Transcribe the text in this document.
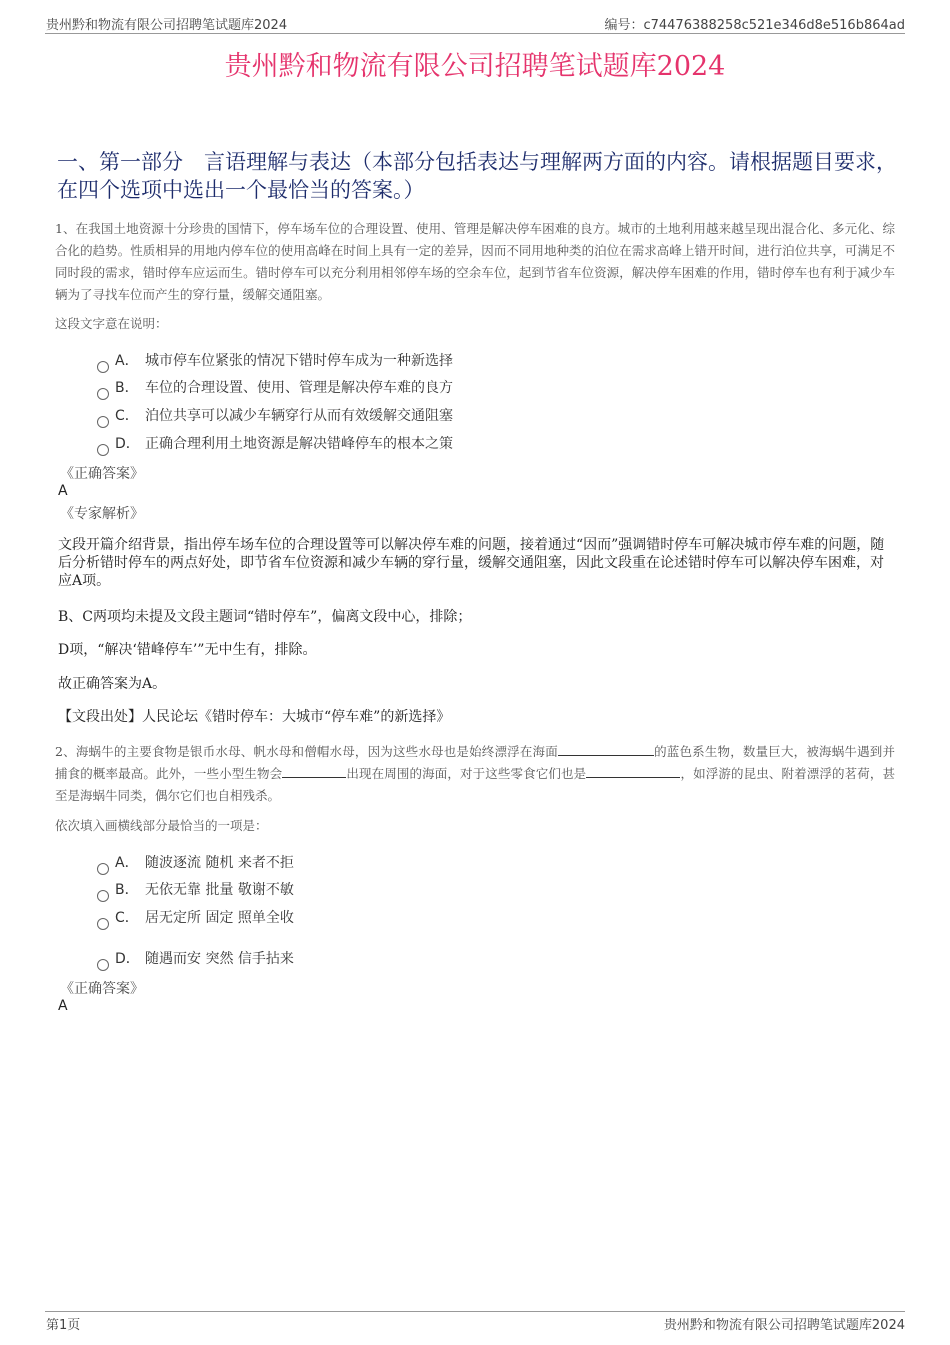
贵州黔和物流有限公司招聘笔试题库2024	编号：c74476388258c521e346d8e516b864ad
贵州黔和物流有限公司招聘笔试题库2024
一、第一部分　言语理解与表达（本部分包括表达与理解两方面的内容。请根据题目要求，在四个选项中选出一个最恰当的答案。）
1、在我国土地资源十分珍贵的国情下，停车场车位的合理设置、使用、管理是解决停车困难的良方。城市的土地利用越来越呈现出混合化、多元化、综合化的趋势。性质相异的用地内停车位的使用高峰在时间上具有一定的差异，因而不同用地种类的泊位在需求高峰上错开时间，进行泊位共享，可满足不同时段的需求，错时停车应运而生。错时停车可以充分利用相邻停车场的空余车位，起到节省车位资源，解决停车困难的作用，错时停车也有利于减少车辆为了寻找车位而产生的穿行量，缓解交通阻塞。
这段文字意在说明：
A． 城市停车位紧张的情况下错时停车成为一种新选择
B． 车位的合理设置、使用、管理是解决停车难的良方
C． 泊位共享可以减少车辆穿行从而有效缓解交通阻塞
D． 正确合理利用土地资源是解决错峰停车的根本之策
《正确答案》
A
《专家解析》
文段开篇介绍背景，指出停车场车位的合理设置等可以解决停车难的问题，接着通过“因而”强调错时停车可解决城市停车难的问题，随后分析错时停车的两点好处，即节省车位资源和减少车辆的穿行量，缓解交通阻塞，因此文段重在论述错时停车可以解决停车困难，对应A项。
B、C两项均未提及文段主题词“错时停车”，偏离文段中心，排除；
D项，“解决‘错峰停车’”无中生有，排除。
故正确答案为A。
【文段出处】人民论坛《错时停车：大城市“停车难”的新选择》
2、海蜗牛的主要食物是银币水母、帆水母和僧帽水母，因为这些水母也是始终漂浮在海面	的蓝色系生物，数量巨大，被海蜗牛遇到并捕食的概率最高。此外，一些小型生物会	出现在周围的海面，对于这些零食它们也是	，如浮游的昆虫、附着漂浮的茗荷，甚至是海蜗牛同类，偶尔它们也自相残杀。
依次填入画横线部分最恰当的一项是：
A． 随波逐流 随机 来者不拒
B． 无依无靠 批量 敬谢不敏
C． 居无定所 固定 照单全收
D． 随遇而安 突然 信手拈来
《正确答案》
A
第1页	贵州黔和物流有限公司招聘笔试题库2024
